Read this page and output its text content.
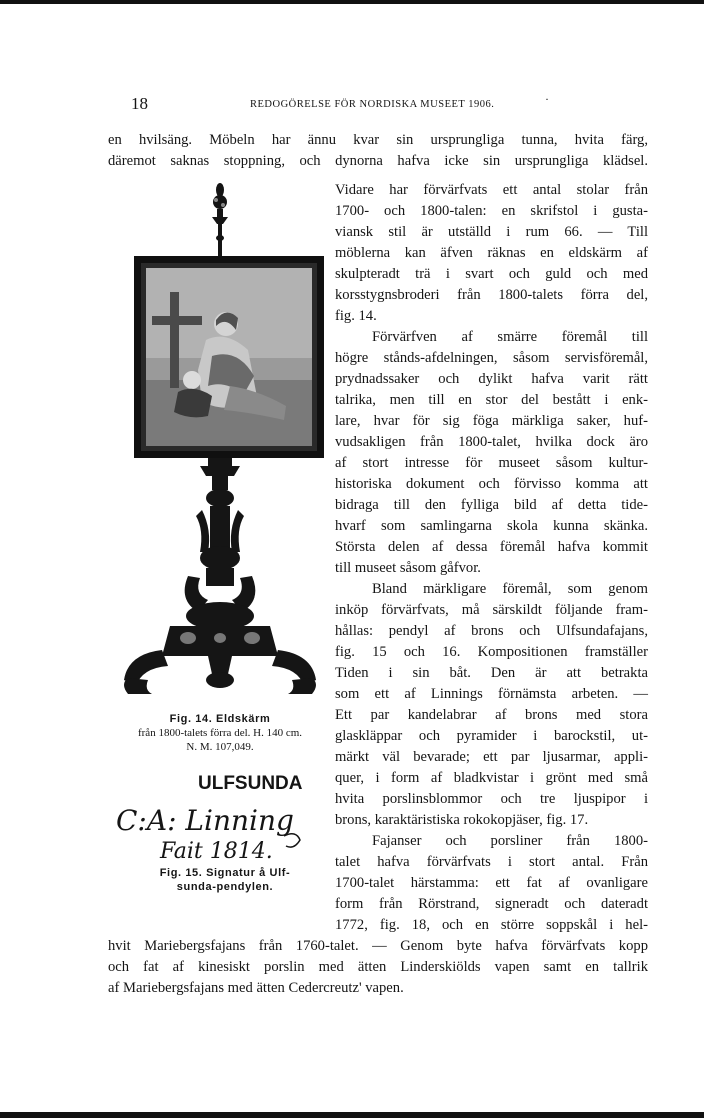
18	REDOGÖRELSE FÖR NORDISKA MUSEET 1906.	·
en hvilsäng. Möbeln har ännu kvar sin ursprungliga tunna, hvita färg,
däremot saknas stoppning, och dynorna hafva icke sin ursprungliga klädsel.
Vidare har förvärfvats ett antal stolar från
1700- och 1800-talen: en skrifstol i gusta-
viansk stil är utställd i rum 66. — Till
möblerna kan äfven räknas en eldskärm af
skulpteradt trä i svart och guld och med
korsstygnsbroderi från 1800-talets förra del,
fig. 14.
Förvärfven af smärre föremål till
högre stånds-afdelningen, såsom servisföremål,
prydnadssaker och dylikt hafva varit rätt
talrika, men till en stor del bestått i enk-
lare, hvar för sig föga märkliga saker, huf-
vudsakligen från 1800-talet, hvilka dock äro
af stort intresse för museet såsom kultur-
historiska dokument och förvisso komma att
bidraga till den fylliga bild af detta tide-
hvarf som samlingarna skola kunna skänka.
Största delen af dessa föremål hafva kommit
till museet såsom gåfvor.
Bland märkligare föremål, som genom
inköp förvärfvats, må särskildt följande fram-
hållas: pendyl af brons och Ulfsundafajans,
fig. 15 och 16. Kompositionen framställer
Tiden i sin båt. Den är att betrakta
som ett af Linnings förnämsta arbeten. —
Ett par kandelabrar af brons med stora
glaskläppar och pyramider i barockstil, ut-
märkt väl bevarade; ett par ljusarmar, appli-
quer, i form af bladkvistar i grönt med små
hvita porslinsblommor och tre ljuspipor i
brons, karaktäristiska rokokopjäser, fig. 17.
Fajanser och porsliner från 1800-
talet hafva förvärfvats i stort antal. Från
1700-talet härstamma: ett fat af ovanligare
form från Rörstrand, signeradt och dateradt
1772, fig. 18, och en större soppskål i hel-
hvit Mariebergsfajans från 1760-talet. — Genom byte hafva förvärfvats kopp
och fat af kinesiskt porslin med ätten Linderskiölds vapen samt en tallrik
af Mariebergsfajans med ätten Cedercreutz' vapen.
Fig. 14. Eldskärm
från 1800-talets förra del. H. 140 cm.
N. M. 107,049.
ULFSUNDA
C:A: Linning
Fait 1814.
Fig. 15. Signatur å Ulf-
sunda-pendylen.
